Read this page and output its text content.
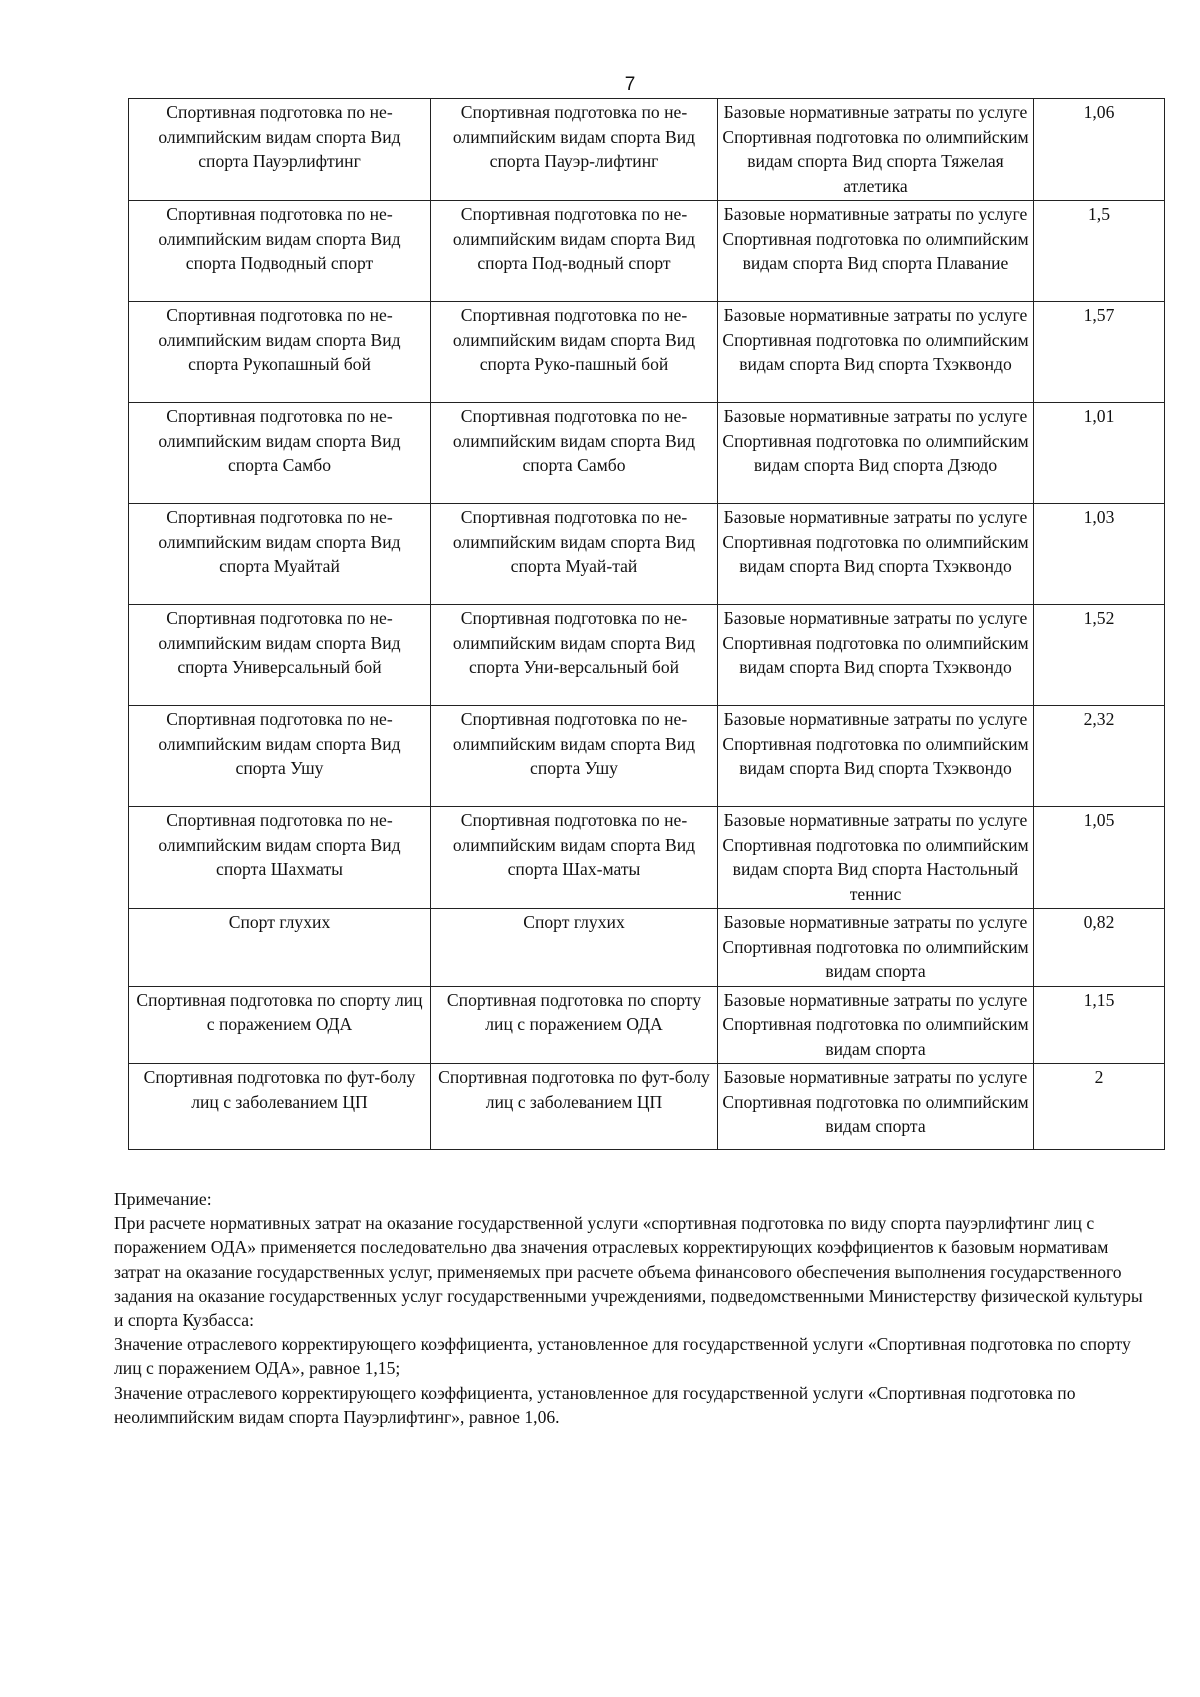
7
Спортивная подготовка по не-олимпийским видам спорта Вид спорта Пауэрлифтинг	Спортивная подготовка по не-олимпийским видам спорта Вид спорта Пауэр-лифтинг	Базовые нормативные затраты по услуге Спортивная подготовка по олимпийским видам спорта Вид спорта Тяжелая атлетика	1,06
Спортивная подготовка по не-олимпийским видам спорта Вид спорта Подводный спорт	Спортивная подготовка по не-олимпийским видам спорта Вид спорта Под-водный спорт	Базовые нормативные затраты по услуге Спортивная подготовка по олимпийским видам спорта Вид спорта Плавание	1,5
Спортивная подготовка по не-олимпийским видам спорта Вид спорта Рукопашный бой	Спортивная подготовка по не-олимпийским видам спорта Вид спорта Руко-пашный бой	Базовые нормативные затраты по услуге Спортивная подготовка по олимпийским видам спорта Вид спорта Тхэквондо	1,57
Спортивная подготовка по не-олимпийским видам спорта Вид спорта Самбо	Спортивная подготовка по не-олимпийским видам спорта Вид спорта Самбо	Базовые нормативные затраты по услуге Спортивная подготовка по олимпийским видам спорта Вид спорта Дзюдо	1,01
Спортивная подготовка по не-олимпийским видам спорта Вид спорта Муайтай	Спортивная подготовка по не-олимпийским видам спорта Вид спорта Муай-тай	Базовые нормативные затраты по услуге Спортивная подготовка по олимпийским видам спорта Вид спорта Тхэквондо	1,03
Спортивная подготовка по не-олимпийским видам спорта Вид спорта Универсальный бой	Спортивная подготовка по не-олимпийским видам спорта Вид спорта Уни-версальный бой	Базовые нормативные затраты по услуге Спортивная подготовка по олимпийским видам спорта Вид спорта Тхэквондо	1,52
Спортивная подготовка по не-олимпийским видам спорта Вид спорта Ушу	Спортивная подготовка по не-олимпийским видам спорта Вид спорта Ушу	Базовые нормативные затраты по услуге Спортивная подготовка по олимпийским видам спорта Вид спорта Тхэквондо	2,32
Спортивная подготовка по не-олимпийским видам спорта Вид спорта Шахматы	Спортивная подготовка по не-олимпийским видам спорта Вид спорта Шах-маты	Базовые нормативные затраты по услуге Спортивная подготовка по олимпийским видам спорта Вид спорта Настольный теннис	1,05
Спорт глухих	Спорт глухих	Базовые нормативные затраты по услуге Спортивная подготовка по олимпийским видам спорта	0,82
Спортивная подготовка по спорту лиц с поражением ОДА	Спортивная подготовка по спорту лиц с поражением ОДА	Базовые нормативные затраты по услуге Спортивная подготовка по олимпийским видам спорта	1,15
Спортивная подготовка по фут-болу лиц с заболеванием ЦП	Спортивная подготовка по фут-болу лиц с заболеванием ЦП	Базовые нормативные затраты по услуге Спортивная подготовка по олимпийским видам спорта	2

Примечание:

При расчете нормативных затрат на оказание государственной услуги «спортивная подготовка по виду спорта пауэрлифтинг лиц с поражением ОДА» применяется последовательно два значения отраслевых корректирующих коэффициентов к базовым нормативам затрат на оказание государственных услуг, применяемых при расчете объема финансового обеспечения выполнения государственного задания на оказание государственных услуг государственными учреждениями, подведомственными Министерству физической культуры и спорта Кузбасса:

Значение отраслевого корректирующего коэффициента, установленное для государственной услуги «Спортивная подготовка по спорту лиц с поражением ОДА», равное 1,15;

Значение отраслевого корректирующего коэффициента, установленное для государственной услуги «Спортивная подготовка по неолимпийским видам спорта Пауэрлифтинг», равное 1,06.
